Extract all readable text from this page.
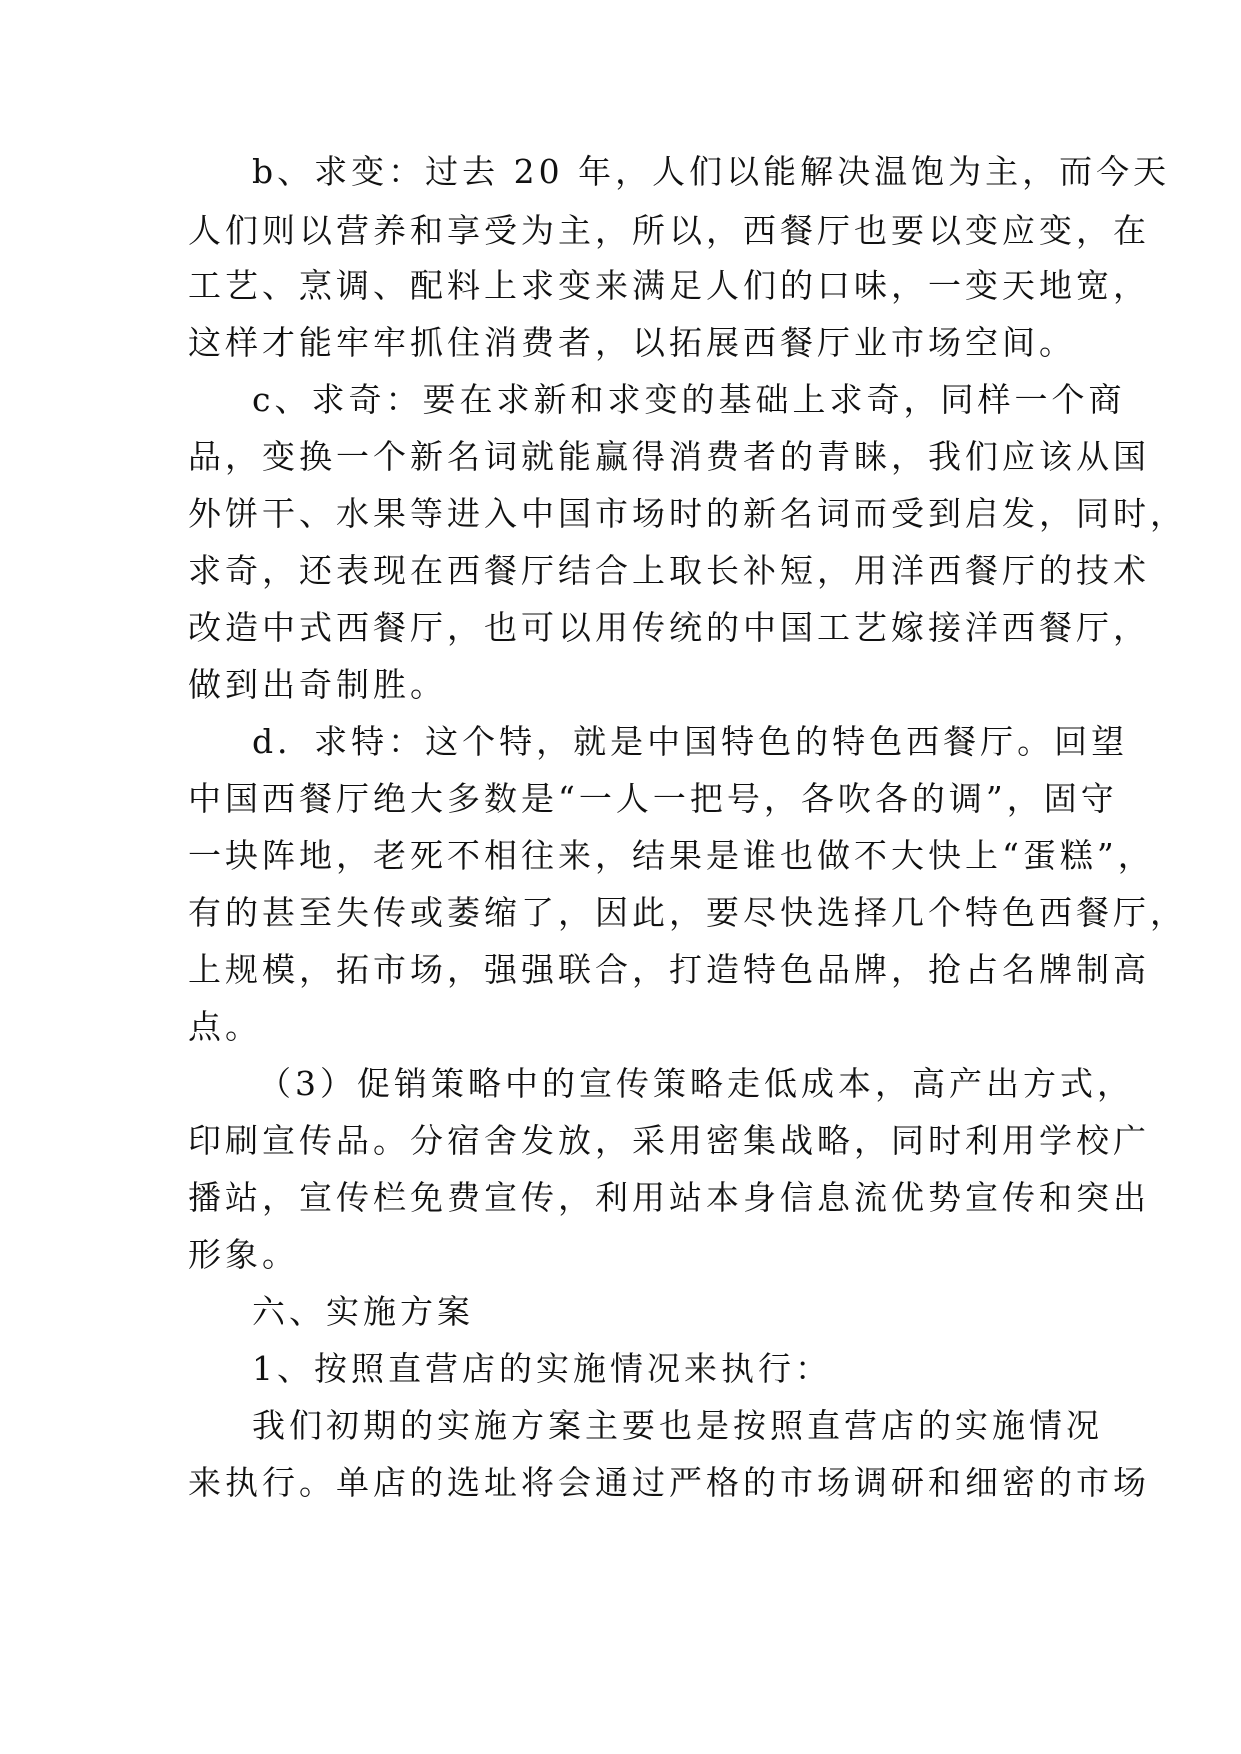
b、求变：过去 20 年，人们以能解决温饱为主，而今天
人们则以营养和享受为主，所以，西餐厅也要以变应变，在
工艺、烹调、配料上求变来满足人们的口味，一变天地宽，
这样才能牢牢抓住消费者，以拓展西餐厅业市场空间。
c、求奇：要在求新和求变的基础上求奇，同样一个商
品，变换一个新名词就能赢得消费者的青睐，我们应该从国
外饼干、水果等进入中国市场时的新名词而受到启发，同时，
求奇，还表现在西餐厅结合上取长补短，用洋西餐厅的技术
改造中式西餐厅，也可以用传统的中国工艺嫁接洋西餐厅，
做到出奇制胜。
d．求特：这个特，就是中国特色的特色西餐厅。回望
中国西餐厅绝大多数是“一人一把号，各吹各的调”，固守
一块阵地，老死不相往来，结果是谁也做不大快上“蛋糕”，
有的甚至失传或萎缩了，因此，要尽快选择几个特色西餐厅，
上规模，拓市场，强强联合，打造特色品牌，抢占名牌制高
点。
（3）促销策略中的宣传策略走低成本，高产出方式，
印刷宣传品。分宿舍发放，采用密集战略，同时利用学校广
播站，宣传栏免费宣传，利用站本身信息流优势宣传和突出
形象。
六、实施方案
1、按照直营店的实施情况来执行：
我们初期的实施方案主要也是按照直营店的实施情况
来执行。单店的选址将会通过严格的市场调研和细密的市场
